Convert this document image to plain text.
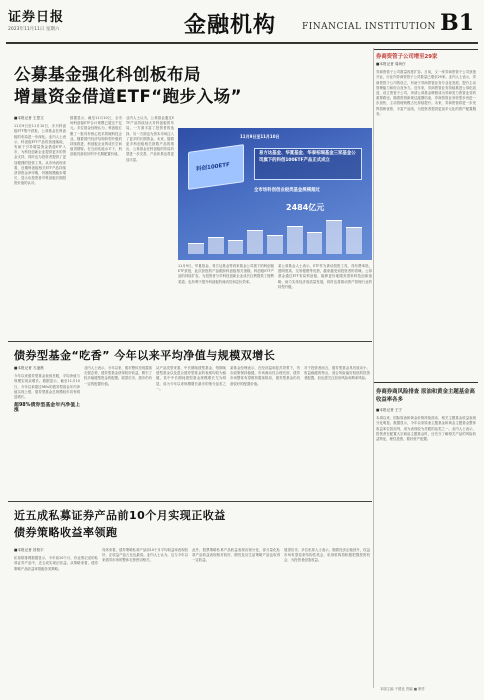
证券日报
2023年11月11日 星期六	金融机构	FINANCIAL INSTITUTION B1
公募基金强化科创板布局
增量资金借道ETF“跑步入场”
■本报记者 王思文
11月9日至11月10日，多只科创板ETF集中获批，公募基金在科创板的布局进一步深化。业内人士表示，科创板ETF产品的加速落地，有助于引导增量资金借道ETF入市，为科技创新企业提供更多的资金支持，同时也为投资者提供了更加便捷的投资工具。从市场表现来看，近期科创板相关ETF产品持续获得资金净申购，份额规模稳步增长，显示出投资者对科创板长期投资价值的认可。
数据显示，截至11月10日，全市场科创板ETF合计规模已超过千亿元。多位基金经理认为，科创板汇聚了一批具有核心技术的硬科技企业，随着国内经济结构转型升级的持续推进，科创板企业的成长空间值得期待。在当前估值水平下，科创板具备较好的中长期配置价值。
业内人士认为，公募基金通过ETF产品持续加大对科创板的布局，一方面丰富了投资者的选择，另一方面也为资本市场注入了更多的长期资金。未来，随着更多科创板相关指数产品的推出，公募基金在科创板的布局有望进一步完善，产品体系也将更加丰富。
11月9日，华夏基金、易方达基金等四家基金公司旗下的科创板ETF获批，此次获批的产品跟踪科创板相关指数。科创板ETF产品的持续扩容，为投资者分享科技创新企业成长红利提供了便利渠道，也有利于提升科创板的流动性和定价效率。
某公募基金人士表示，ETF作为被动投资工具，具有费率低、透明度高、交易便捷等优势，越来越受到投资者的青睐。公募基金通过ETF布局科创板，能够更好地服务国家科技创新战略，助力实体经济高质量发展，同时也将推动资产管理行业的转型升级。
11月9日至11月10日
科创100ETF

易方达基金、华夏基金、华泰柏瑞基金三家基金公司旗下的科创100ETF产品正式成立

全市场科创创业板类基金规模超过
2484亿元
券商资管子公司增至29家
■本报记者 周尚仔
券商资管子公司数量再度扩容。日前，又一家券商资管子公司获批开业，行业内券商资管子公司数量已增至29家。业内人士表示，券商资管子公司的设立，有助于券商资管业务专业化发展，提升主动管理能力和综合竞争力。近年来，券商资管业务持续推进公募化改造，设立资管子公司、申请公募基金牌照成为券商发力资管业务的重要路径。随着资管新规过渡期结束，券商资管业务转型步伐进一步加快，主动管理规模占比持续提升。未来，券商资管将进一步发挥投研优势，丰富产品线，为投资者提供更加多元化的资产配置服务。
券商券商风险排查 原油和黄金主题基金高收益率各多
■本报记者 王宁
本周以来，国际原油和黄金价格持续波动，相关主题基金收益表现分化明显。数据显示，今年以来原油主题基金和黄金主题基金整体收益率位居前列，成为表现较为亮眼的品类之一。业内人士表示，投资者在配置大宗商品主题基金时，应充分了解相关产品的风险收益特征，理性投资，做好资产配置。
债券型基金“吃香” 今年以来平均净值与规模双增长
■本报记者 方凌晨
今年以来债券型基金表现亮眼，平均净值与规模实现双增长。数据显示，截至11月10日，今年以来超过98%的债券型基金年内净值实现上涨，债券型基金总规模较年初有明显增长。
超98%债券型基金年内净值上涨
业内人士表示，今年以来，债市整体呈现震荡走强态势，债券型基金获得较好收益，吸引了较多稳健型资金的配置。展望后市，债市仍有一定的配置价值。
从产品类型来看，中长期纯债型基金、短期纯债型基金以及混合债券型基金的表现均较为稳健，其中中长期纯债型基金规模增长尤为明显，成为今年以来规模增长最多的细分品类之一。
某基金经理表示，在经济温和复苏背景下，货币政策保持稳健，市场流动性合理充裕，债券市场整体有望维持震荡格局，债券型基金仍具备较好的配置价值。
对于投资者而言，债券型基金具有波动小、收益稳健的特点，适合风险偏好较低的投资者配置，但也需关注信用风险和利率风险。
近五成私募证券产品前10个月实现正收益
债券策略收益率领跑
■本报记者 昌校宇
私募排排网数据显示，今年前10个月，有业绩记录的私募证券产品中，近五成实现正收益。从策略来看，债券策略产品收益率领跑各类策略。
具体来看，债券策略私募产品前10个月平均收益率表现较好，正收益产品占比也最高。业内人士认为，这与今年以来债券市场的整体走势密切相关。
此外，股票策略私募产品收益表现出现分化，部分量化私募产品收益表现相对较好，期货及衍生品策略产品也取得一定收益。
展望后市，多位私募人士表示，随着经济企稳回升，权益市场有望迎来结构性机会，私募机构将积极把握投资机会，为投资者创造收益。
本版主编 于德良 责编 ■ 制作
